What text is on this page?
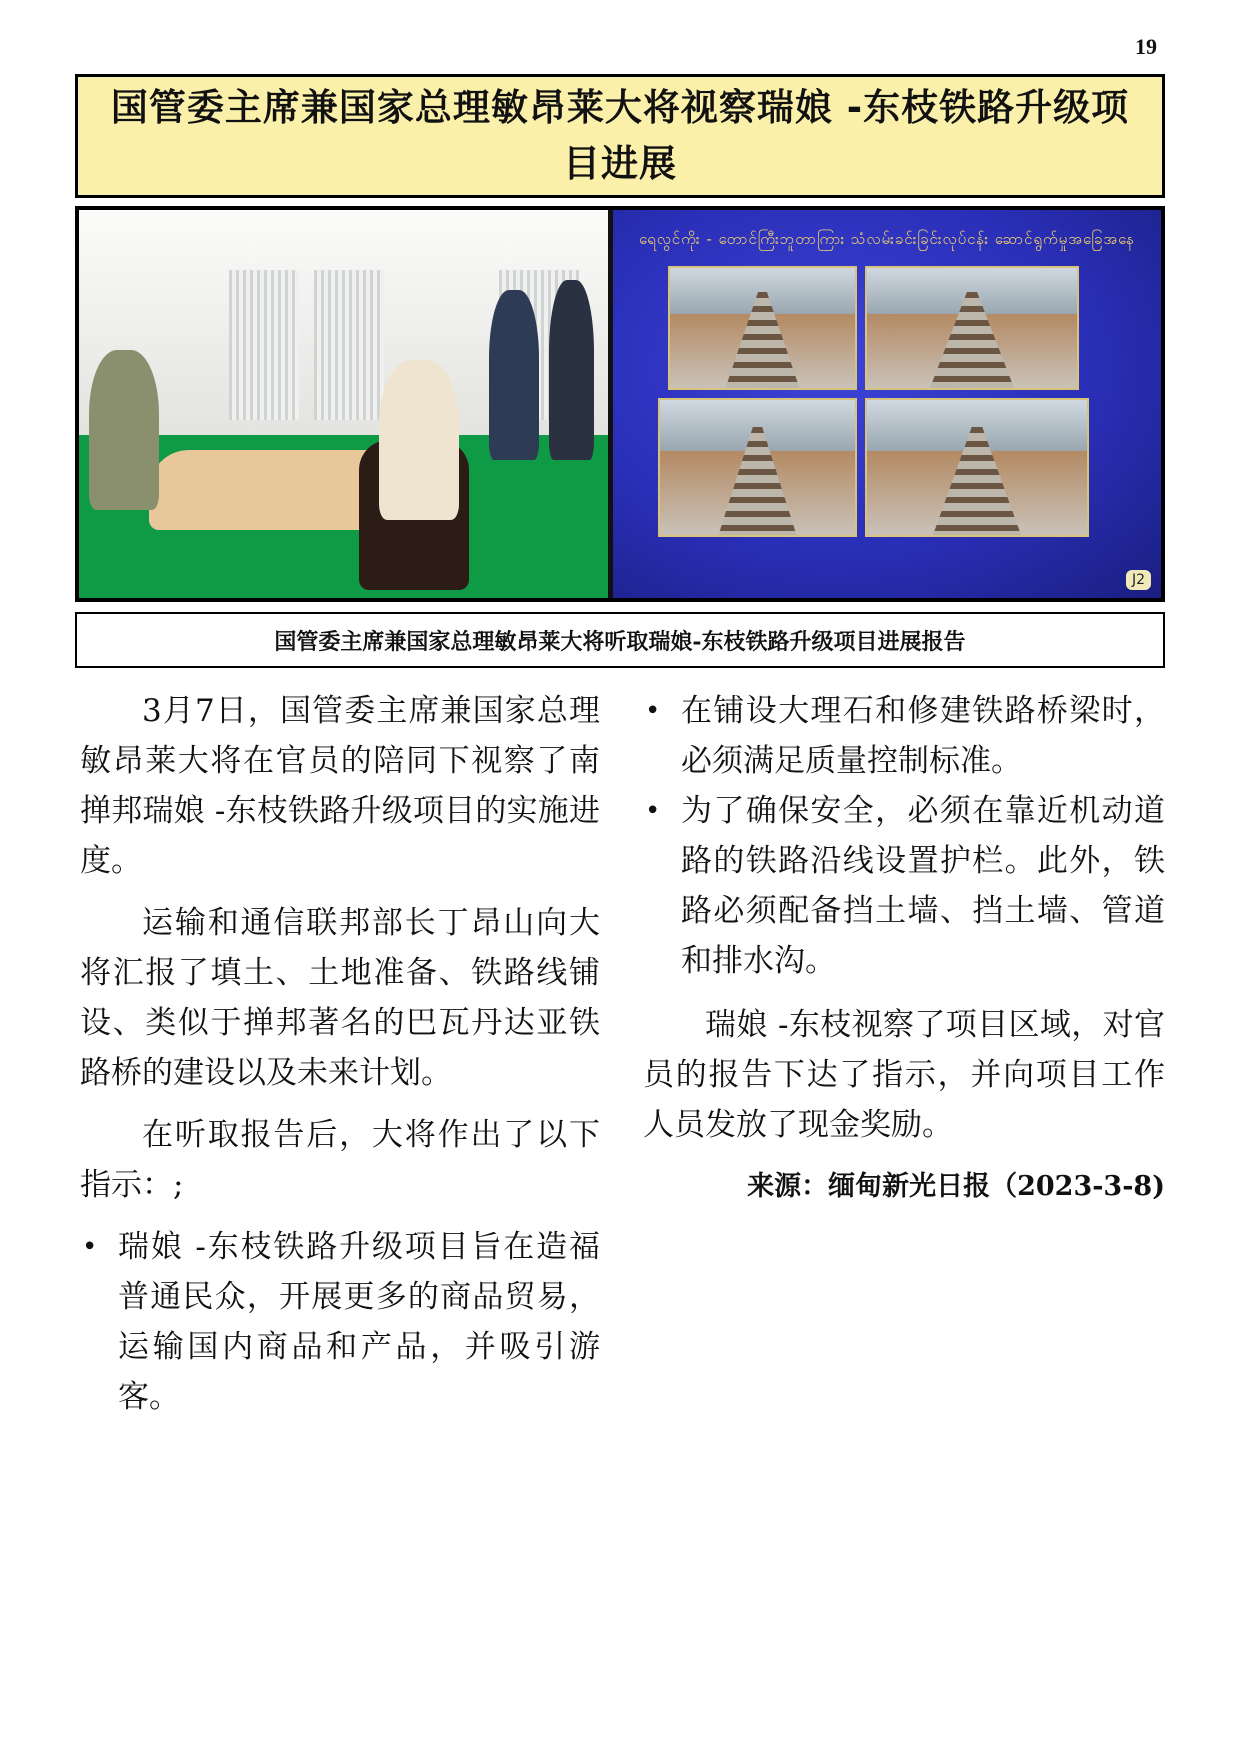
19
国管委主席兼国家总理敏昂莱大将视察瑞娘 -东枝铁路升级项目进展
ရေ‌လွင်ကိုး - တောင်ကြီးဘူတာကြား သံလမ်းခင်းခြင်းလုပ်ငန်း ဆောင်ရွက်မှုအခြေအနေ
J2

国管委主席兼国家总理敏昂莱大将听取瑞娘-东枝铁路升级项目进展报告

3月7日，国管委主席兼国家总理敏昂莱大将在官员的陪同下视察了南掸邦瑞娘 -东枝铁路升级项目的实施进度。

运输和通信联邦部长丁昂山向大将汇报了填土、土地准备、铁路线铺设、类似于掸邦著名的巴瓦丹达亚铁路桥的建设以及未来计划。

在听取报告后，大将作出了以下指示：;

• 瑞娘 -东枝铁路升级项目旨在造福普通民众，开展更多的商品贸易，运输国内商品和产品，并吸引游客。
• 在铺设大理石和修建铁路桥梁时，必须满足质量控制标准。
• 为了确保安全，必须在靠近机动道路的铁路沿线设置护栏。此外，铁路必须配备挡土墙、挡土墙、管道和排水沟。

瑞娘 -东枝视察了项目区域，对官员的报告下达了指示，并向项目工作人员发放了现金奖励。

来源：缅甸新光日报（2023-3-8)
